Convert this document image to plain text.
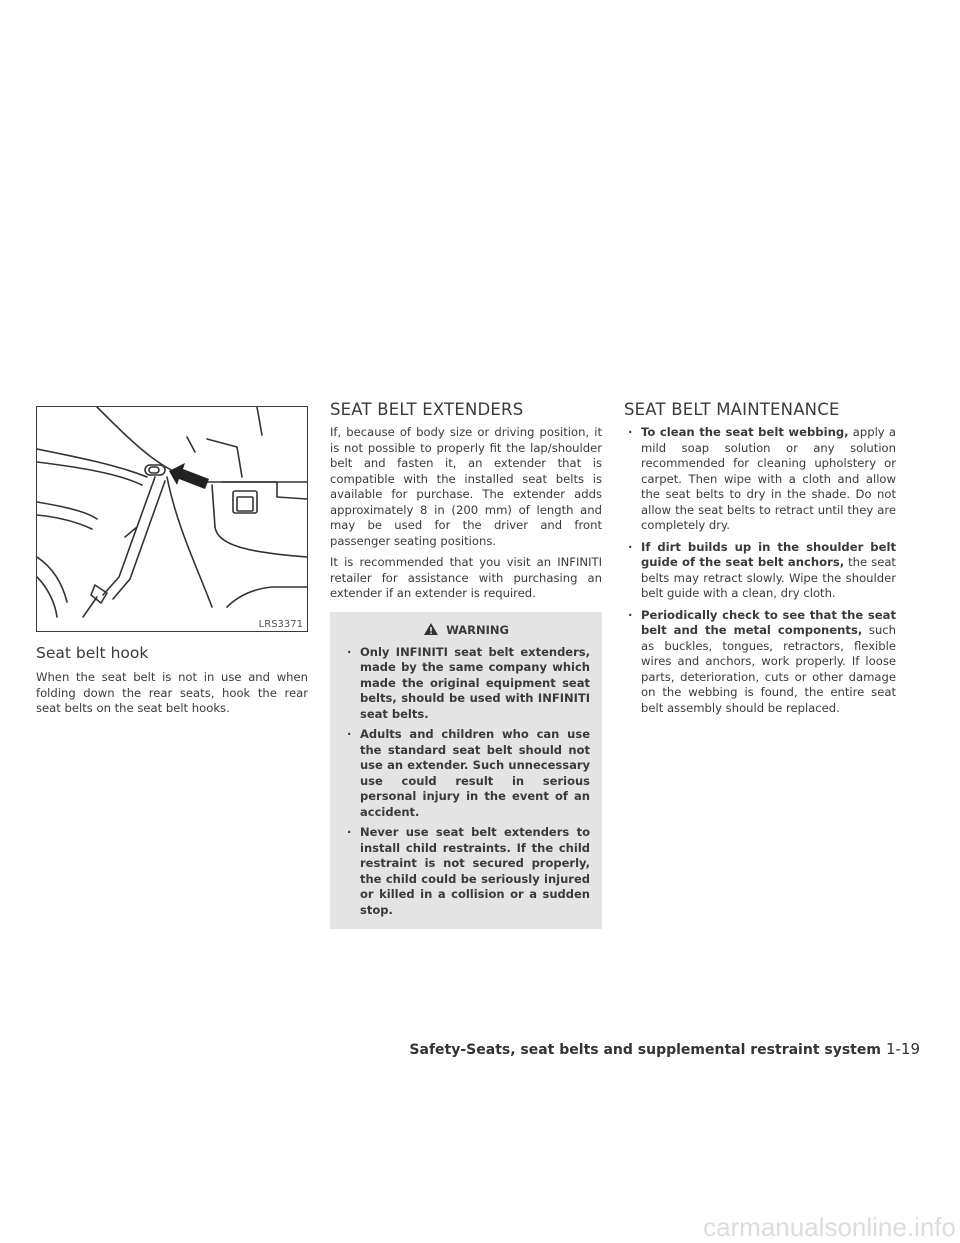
LRS3371
Seat belt hook

When the seat belt is not in use and when folding down the rear seats, hook the rear seat belts on the seat belt hooks.

SEAT BELT EXTENDERS

If, because of body size or driving position, it is not possible to properly fit the lap/shoulder belt and fasten it, an extender that is compatible with the installed seat belts is available for purchase. The extender adds approximately 8 in (200 mm) of length and may be used for the driver and front passenger seating positions.

It is recommended that you visit an INFINITI retailer for assistance with purchasing an extender if an extender is required.

WARNING
· Only INFINITI seat belt extenders, made by the same company which made the original equipment seat belts, should be used with INFINITI seat belts.
· Adults and children who can use the standard seat belt should not use an extender. Such unnecessary use could result in serious personal injury in the event of an accident.
· Never use seat belt extenders to install child restraints. If the child restraint is not secured properly, the child could be seriously injured or killed in a collision or a sudden stop.
SEAT BELT MAINTENANCE
· To clean the seat belt webbing, apply a mild soap solution or any solution recommended for cleaning upholstery or carpet. Then wipe with a cloth and allow the seat belts to dry in the shade. Do not allow the seat belts to retract until they are completely dry.
· If dirt builds up in the shoulder belt guide of the seat belt anchors, the seat belts may retract slowly. Wipe the shoulder belt guide with a clean, dry cloth.
· Periodically check to see that the seat belt and the metal components, such as buckles, tongues, retractors, flexible wires and anchors, work properly. If loose parts, deterioration, cuts or other damage on the webbing is found, the entire seat belt assembly should be replaced.
Safety-Seats, seat belts and supplemental restraint system 1-19
carmanualsonline.info
